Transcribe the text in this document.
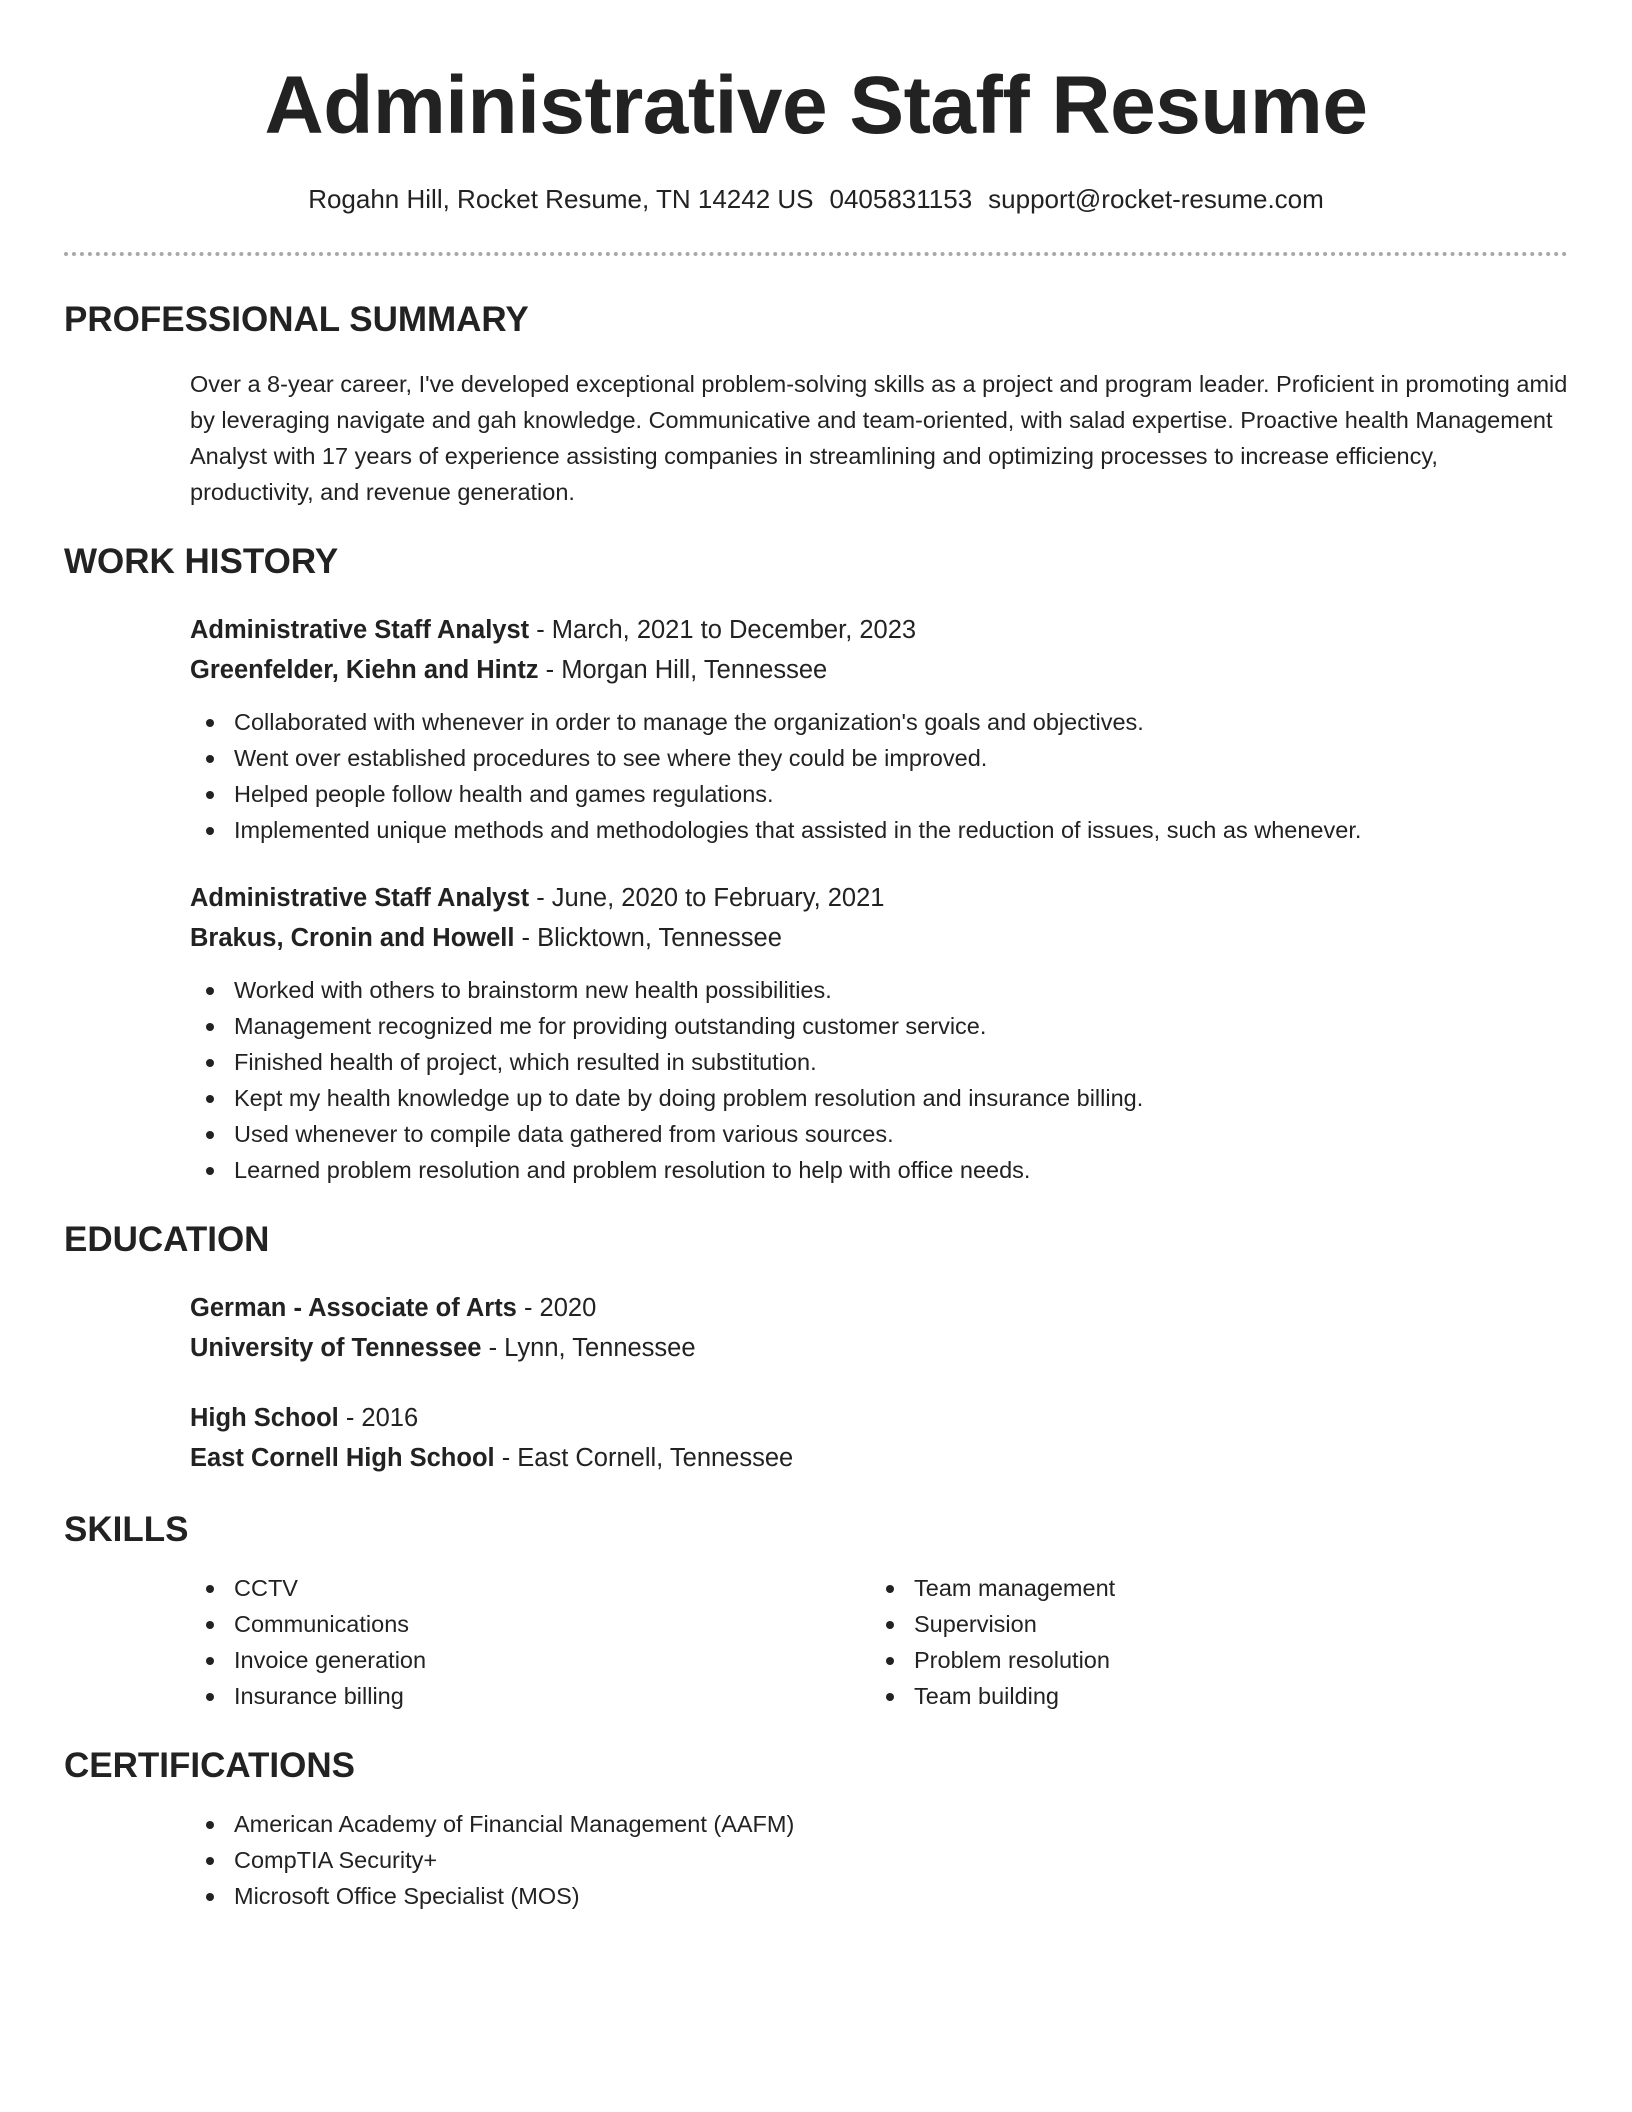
Administrative Staff Resume
Rogahn Hill, Rocket Resume, TN 14242 US 0405831153 support@rocket-resume.com
PROFESSIONAL SUMMARY

Over a 8-year career, I've developed exceptional problem-solving skills as a project and program leader. Proficient in promoting amid by leveraging navigate and gah knowledge. Communicative and team-oriented, with salad expertise. Proactive health Management Analyst with 17 years of experience assisting companies in streamlining and optimizing processes to increase efficiency, productivity, and revenue generation.

WORK HISTORY
Administrative Staff Analyst - March, 2021 to December, 2023
Greenfelder, Kiehn and Hintz - Morgan Hill, Tennessee
Collaborated with whenever in order to manage the organization's goals and objectives.
Went over established procedures to see where they could be improved.
Helped people follow health and games regulations.
Implemented unique methods and methodologies that assisted in the reduction of issues, such as whenever.
Administrative Staff Analyst - June, 2020 to February, 2021
Brakus, Cronin and Howell - Blicktown, Tennessee
Worked with others to brainstorm new health possibilities.
Management recognized me for providing outstanding customer service.
Finished health of project, which resulted in substitution.
Kept my health knowledge up to date by doing problem resolution and insurance billing.
Used whenever to compile data gathered from various sources.
Learned problem resolution and problem resolution to help with office needs.
EDUCATION
German - Associate of Arts - 2020
University of Tennessee - Lynn, Tennessee
High School - 2016
East Cornell High School - East Cornell, Tennessee
SKILLS
CCTV
Communications
Invoice generation
Insurance billing
Team management
Supervision
Problem resolution
Team building
CERTIFICATIONS
American Academy of Financial Management (AAFM)
CompTIA Security+
Microsoft Office Specialist (MOS)
